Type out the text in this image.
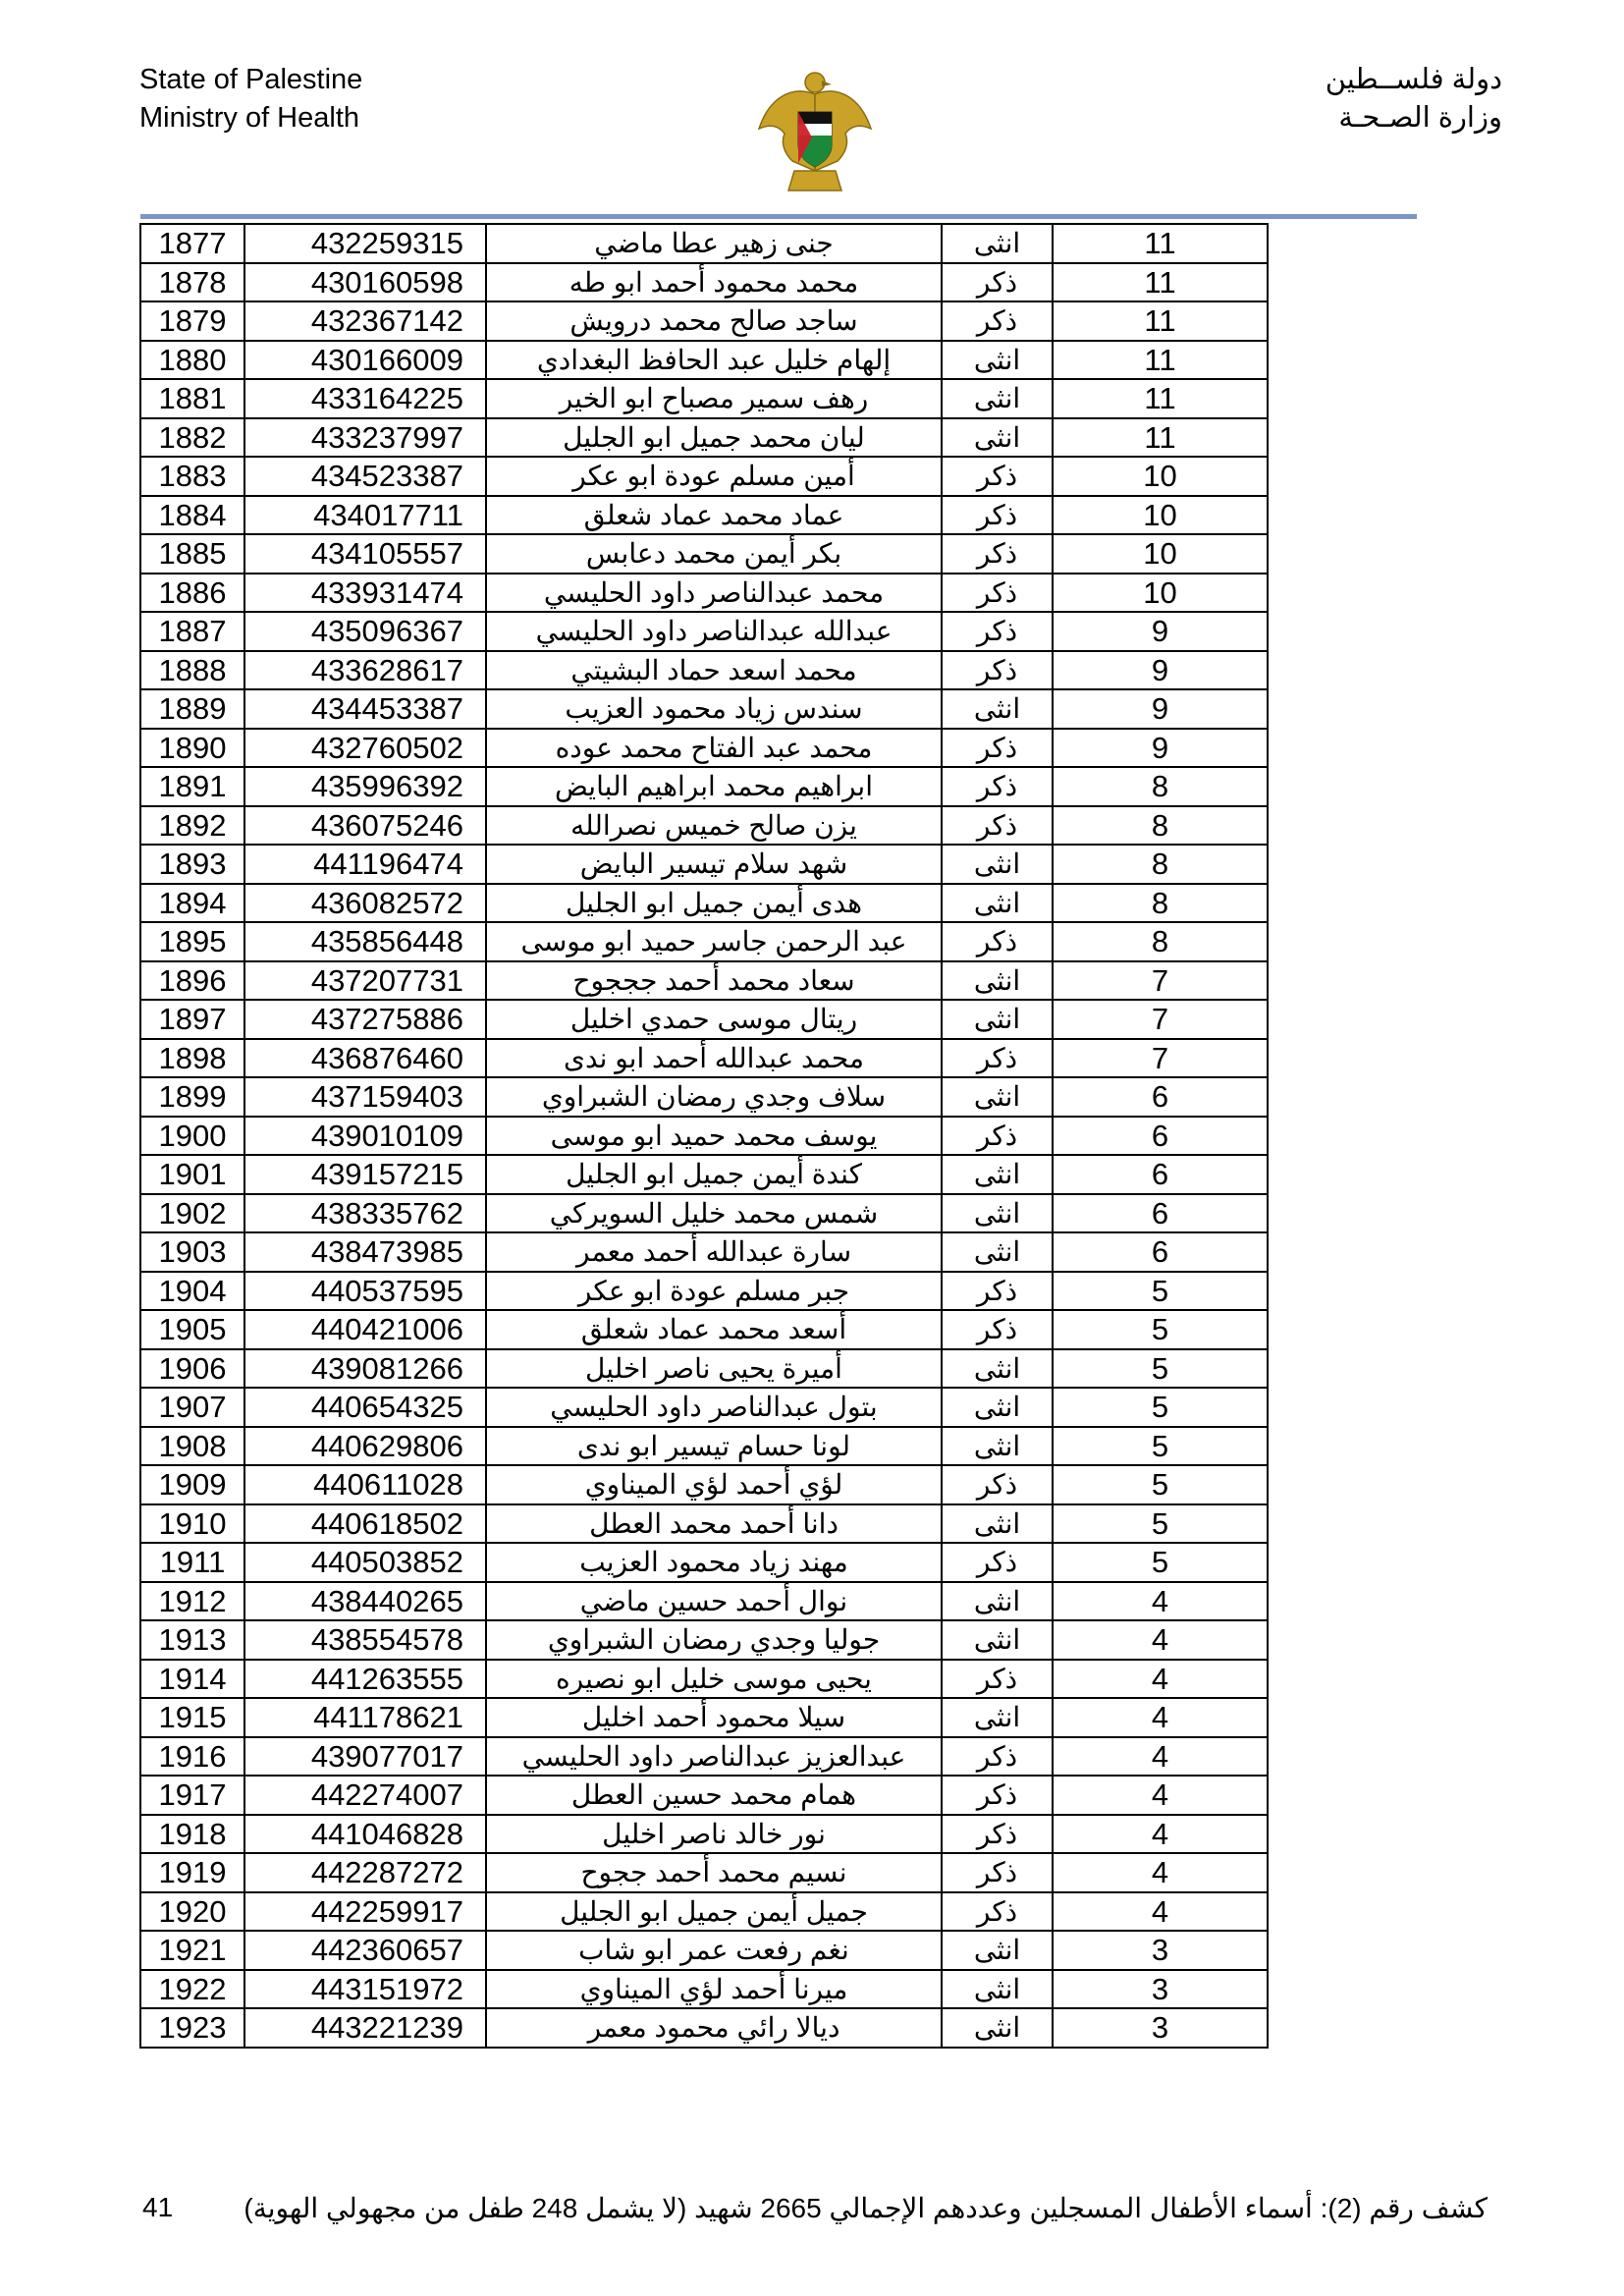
State of Palestine
Ministry of Health
دولة فلســطين
وزارة الصـحـة
1877	432259315	جنى زهير عطا ماضي	انثى	11
1878	430160598	محمد محمود أحمد ابو طه	ذكر	11
1879	432367142	ساجد صالح محمد درويش	ذكر	11
1880	430166009	إلهام خليل عبد الحافظ البغدادي	انثى	11
1881	433164225	رهف سمير مصباح ابو الخير	انثى	11
1882	433237997	ليان محمد جميل ابو الجليل	انثى	11
1883	434523387	أمين مسلم عودة ابو عكر	ذكر	10
1884	434017711	عماد محمد عماد شعلق	ذكر	10
1885	434105557	بكر أيمن محمد دعابس	ذكر	10
1886	433931474	محمد عبدالناصر داود الحليسي	ذكر	10
1887	435096367	عبدالله عبدالناصر داود الحليسي	ذكر	9
1888	433628617	محمد اسعد حماد البشيتي	ذكر	9
1889	434453387	سندس زياد محمود العزيب	انثى	9
1890	432760502	محمد عبد الفتاح محمد عوده	ذكر	9
1891	435996392	ابراهيم محمد ابراهيم البايض	ذكر	8
1892	436075246	يزن صالح خميس نصرالله	ذكر	8
1893	441196474	شهد سلام تيسير البايض	انثى	8
1894	436082572	هدى أيمن جميل ابو الجليل	انثى	8
1895	435856448	عبد الرحمن جاسر حميد ابو موسى	ذكر	8
1896	437207731	سعاد محمد أحمد جججوح	انثى	7
1897	437275886	ريتال موسى حمدي اخليل	انثى	7
1898	436876460	محمد عبدالله أحمد ابو ندى	ذكر	7
1899	437159403	سلاف وجدي رمضان الشبراوي	انثى	6
1900	439010109	يوسف محمد حميد ابو موسى	ذكر	6
1901	439157215	كندة أيمن جميل ابو الجليل	انثى	6
1902	438335762	شمس محمد خليل السويركي	انثى	6
1903	438473985	سارة عبدالله أحمد معمر	انثى	6
1904	440537595	جبر مسلم عودة ابو عكر	ذكر	5
1905	440421006	أسعد محمد عماد شعلق	ذكر	5
1906	439081266	أميرة يحيى ناصر اخليل	انثى	5
1907	440654325	بتول عبدالناصر داود الحليسي	انثى	5
1908	440629806	لونا حسام تيسير ابو ندى	انثى	5
1909	440611028	لؤي أحمد لؤي الميناوي	ذكر	5
1910	440618502	دانا أحمد محمد العطل	انثى	5
1911	440503852	مهند زياد محمود العزيب	ذكر	5
1912	438440265	نوال أحمد حسين ماضي	انثى	4
1913	438554578	جوليا وجدي رمضان الشبراوي	انثى	4
1914	441263555	يحيى موسى خليل ابو نصيره	ذكر	4
1915	441178621	سيلا محمود أحمد اخليل	انثى	4
1916	439077017	عبدالعزيز عبدالناصر داود الحليسي	ذكر	4
1917	442274007	همام محمد حسين العطل	ذكر	4
1918	441046828	نور خالد ناصر اخليل	ذكر	4
1919	442287272	نسيم محمد أحمد ججوح	ذكر	4
1920	442259917	جميل أيمن جميل ابو الجليل	ذكر	4
1921	442360657	نغم رفعت عمر ابو شاب	انثى	3
1922	443151972	ميرنا أحمد لؤي الميناوي	انثى	3
1923	443221239	ديالا رائي محمود معمر	انثى	3
41	كشف رقم (2): أسماء الأطفال المسجلين وعددهم الإجمالي 2665 شهيد (لا يشمل 248 طفل من مجهولي الهوية)
